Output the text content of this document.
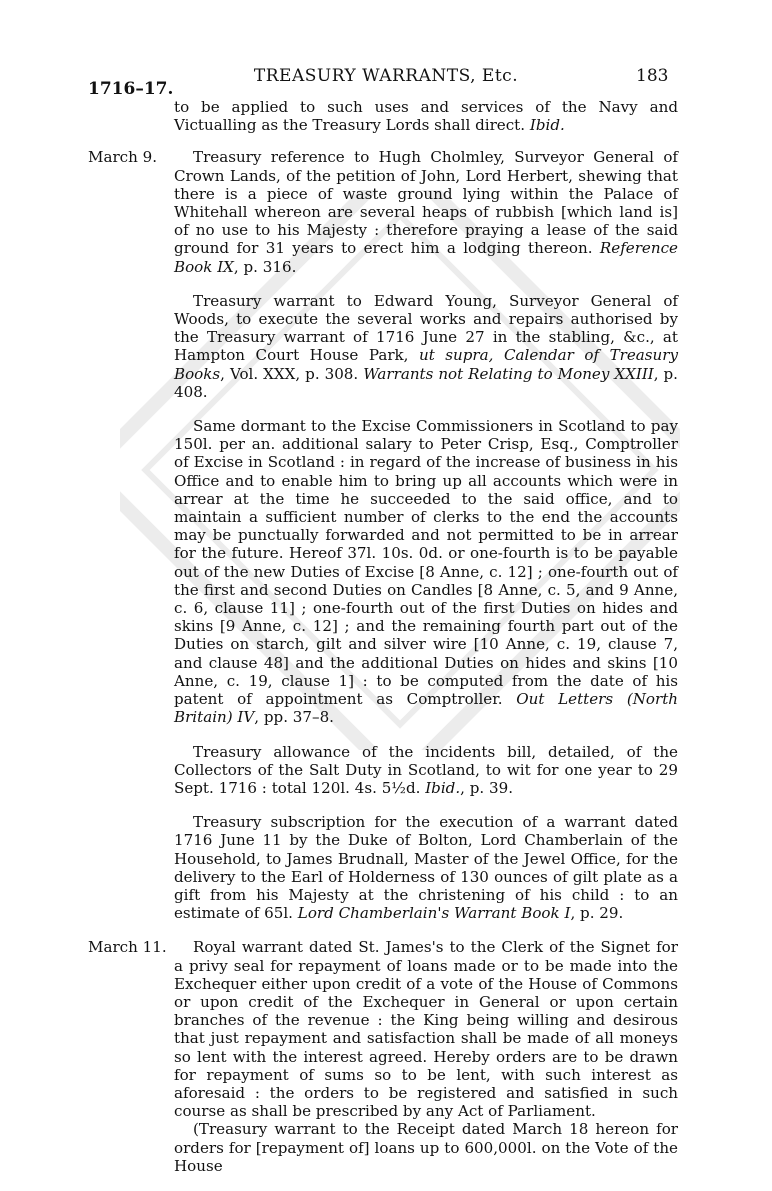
1716–17.
TREASURY WARRANTS, Etc.	183

to be applied to such uses and services of the Navy and Victualling as the Treasury Lords shall direct. Ibid.

March 9.	Treasury reference to Hugh Cholmley, Surveyor General of Crown Lands, of the petition of John, Lord Herbert, shewing that there is a piece of waste ground lying within the Palace of Whitehall whereon are several heaps of rubbish [which land is] of no use to his Majesty : therefore praying a lease of the said ground for 31 years to erect him a lodging thereon. Reference Book IX, p. 316.

Treasury warrant to Edward Young, Surveyor General of Woods, to execute the several works and repairs authorised by the Treasury warrant of 1716 June 27 in the stabling, &c., at Hampton Court House Park, ut supra, Calendar of Treasury Books, Vol. XXX, p. 308. Warrants not Relating to Money XXIII, p. 408.

Same dormant to the Excise Commissioners in Scotland to pay 150l. per an. additional salary to Peter Crisp, Esq., Comptroller of Excise in Scotland : in regard of the increase of business in his Office and to enable him to bring up all accounts which were in arrear at the time he succeeded to the said office, and to maintain a sufficient number of clerks to the end the accounts may be punctually forwarded and not permitted to be in arrear for the future. Hereof 37l. 10s. 0d. or one-fourth is to be payable out of the new Duties of Excise [8 Anne, c. 12] ; one-fourth out of the first and second Duties on Candles [8 Anne, c. 5, and 9 Anne, c. 6, clause 11] ; one-fourth out of the first Duties on hides and skins [9 Anne, c. 12] ; and the remaining fourth part out of the Duties on starch, gilt and silver wire [10 Anne, c. 19, clause 7, and clause 48] and the additional Duties on hides and skins [10 Anne, c. 19, clause 1] : to be computed from the date of his patent of appointment as Comptroller. Out Letters (North Britain) IV, pp. 37–8.

Treasury allowance of the incidents bill, detailed, of the Collectors of the Salt Duty in Scotland, to wit for one year to 29 Sept. 1716 : total 120l. 4s. 5½d. Ibid., p. 39.

Treasury subscription for the execution of a warrant dated 1716 June 11 by the Duke of Bolton, Lord Chamberlain of the Household, to James Brudnall, Master of the Jewel Office, for the delivery to the Earl of Holderness of 130 ounces of gilt plate as a gift from his Majesty at the christening of his child : to an estimate of 65l. Lord Chamberlain's Warrant Book I, p. 29.

March 11.	Royal warrant dated St. James's to the Clerk of the Signet for a privy seal for repayment of loans made or to be made into the Exchequer either upon credit of a vote of the House of Commons or upon credit of the Exchequer in General or upon certain branches of the revenue : the King being willing and desirous that just repayment and satisfaction shall be made of all moneys so lent with the interest agreed. Hereby orders are to be drawn for repayment of sums so to be lent, with such interest as aforesaid : the orders to be registered and satisfied in such course as shall be prescribed by any Act of Parliament.

(Treasury warrant to the Receipt dated March 18 hereon for orders for [repayment of] loans up to 600,000l. on the Vote of the House
